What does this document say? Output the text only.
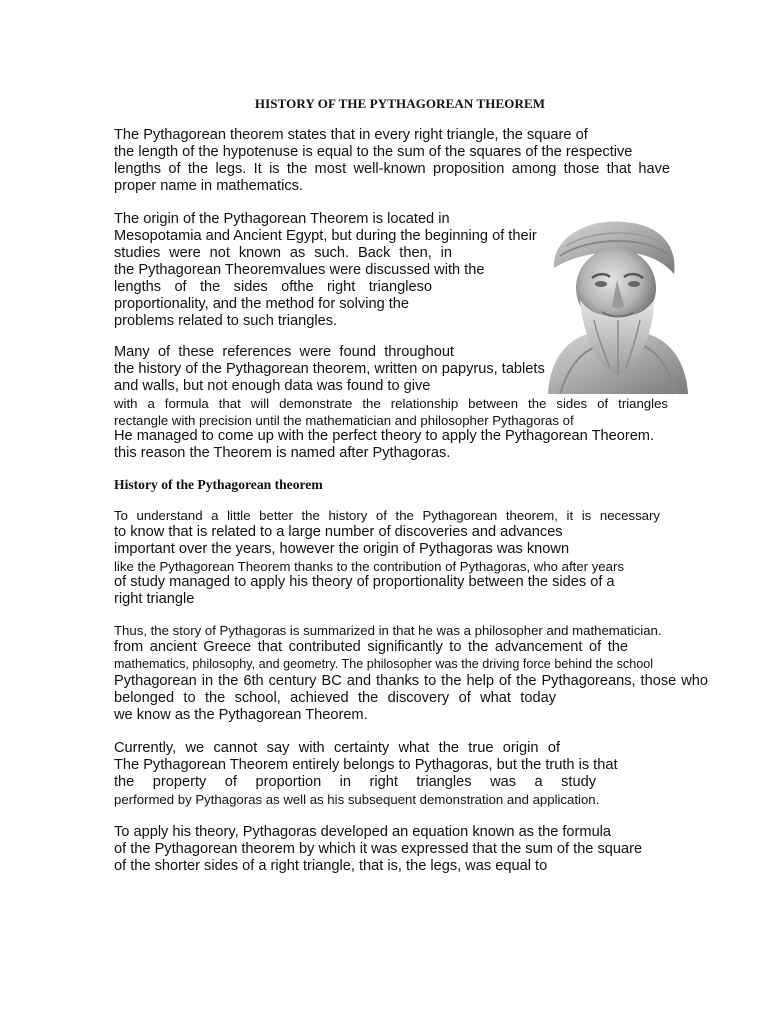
HISTORY OF THE PYTHAGOREAN THEOREM
The Pythagorean theorem states that in every right triangle, the square of
the length of the hypotenuse is equal to the sum of the squares of the respective
lengths of the legs. It is the most well-known proposition among those that have
proper name in mathematics.
The origin of the Pythagorean Theorem is located in
Mesopotamia and Ancient Egypt, but during the beginning of their
studies were not known as such. Back then, in
the Pythagorean Theoremvalues were discussed with the
lengths of the sides ofthe right triangleso
proportionality, and the method for solving the
problems related to such triangles.
Many of these references were found throughout
the history of the Pythagorean theorem, written on papyrus, tablets
and walls, but not enough data was found to give
with a formula that will demonstrate the relationship between the sides of triangles
rectangle with precision until the mathematician and philosopher Pythagoras of
He managed to come up with the perfect theory to apply the Pythagorean Theorem.
this reason the Theorem is named after Pythagoras.
History of the Pythagorean theorem
To understand a little better the history of the Pythagorean theorem, it is necessary
to know that is related to a large number of discoveries and advances
important over the years, however the origin of Pythagoras was known
like the Pythagorean Theorem thanks to the contribution of Pythagoras, who after years
of study managed to apply his theory of proportionality between the sides of a
right triangle
Thus, the story of Pythagoras is summarized in that he was a philosopher and mathematician.
from ancient Greece that contributed significantly to the advancement of the
mathematics, philosophy, and geometry. The philosopher was the driving force behind the school
Pythagorean in the 6th century BC and thanks to the help of the Pythagoreans, those who
belonged to the school, achieved the discovery of what today
we know as the Pythagorean Theorem.
Currently, we cannot say with certainty what the true origin of
The Pythagorean Theorem entirely belongs to Pythagoras, but the truth is that
the property of proportion in right triangles was a study
performed by Pythagoras as well as his subsequent demonstration and application.
To apply his theory, Pythagoras developed an equation known as the formula
of the Pythagorean theorem by which it was expressed that the sum of the square
of the shorter sides of a right triangle, that is, the legs, was equal to
